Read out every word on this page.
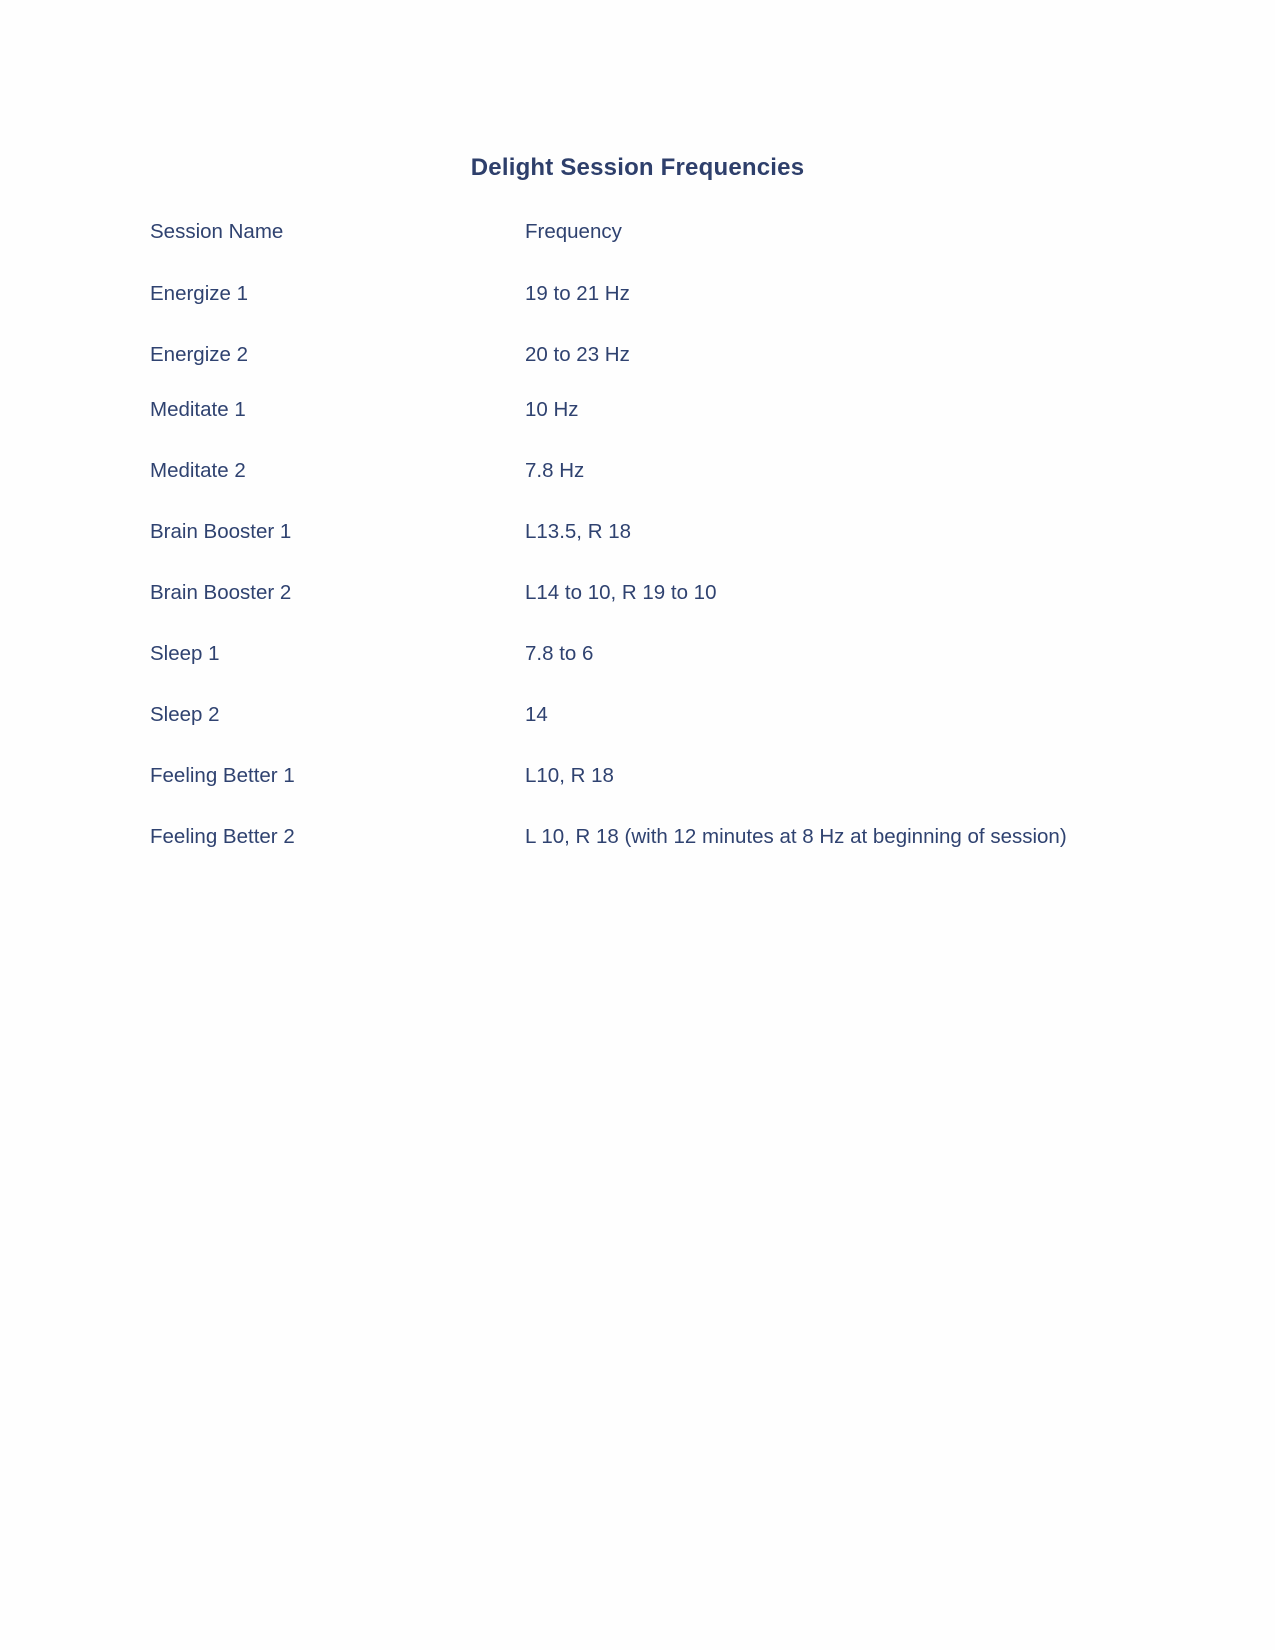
Delight Session Frequencies
Session Name	Frequency
Energize 1	19 to 21 Hz
Energize 2	20 to 23 Hz
Meditate 1	10 Hz
Meditate 2	7.8 Hz
Brain Booster 1	L13.5, R 18
Brain Booster 2	L14 to 10, R 19 to 10
Sleep 1	7.8 to 6
Sleep 2	14
Feeling Better 1	L10, R 18
Feeling Better 2	L 10, R 18 (with 12 minutes at 8 Hz at beginning of session)
